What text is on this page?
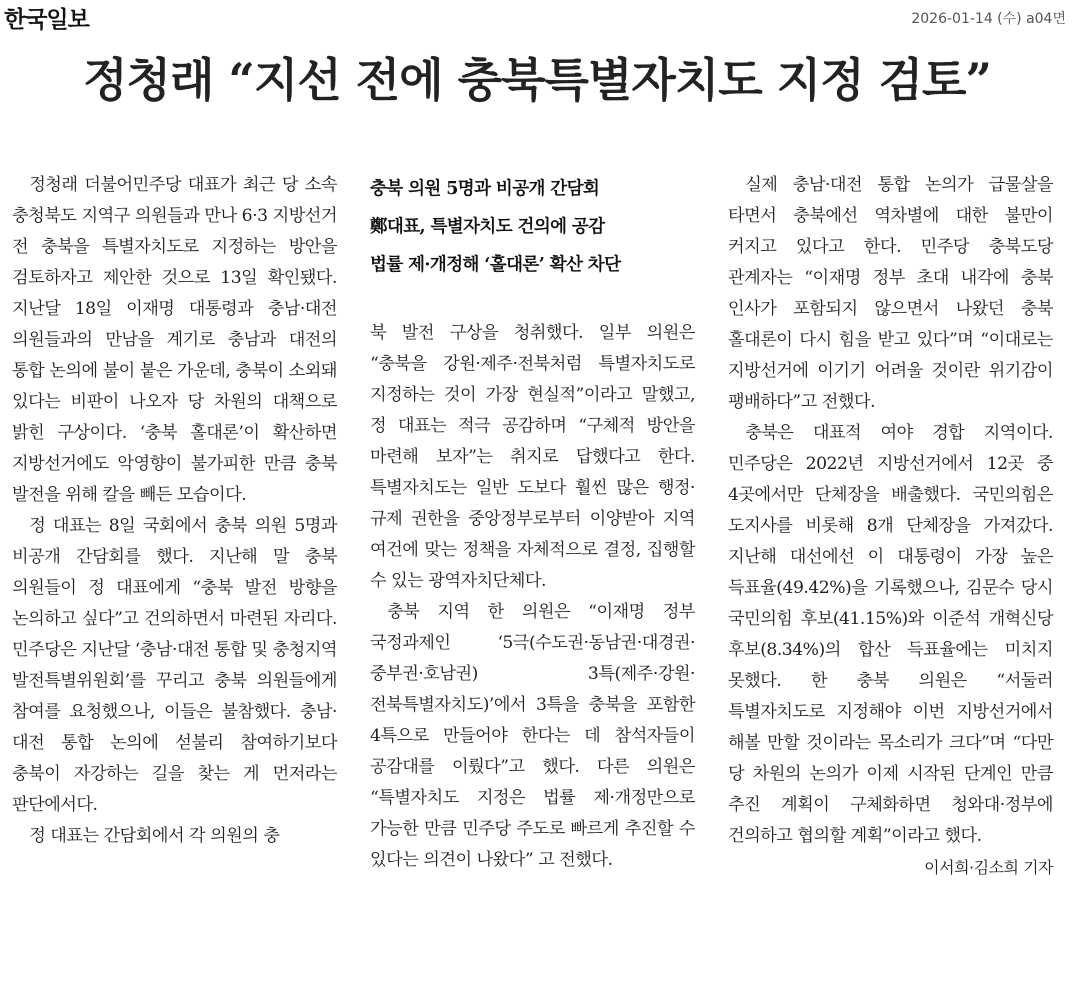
한국일보	2026-01-14 (수) a04면
정청래 “지선 전에 충북특별자치도 지정 검토”

정청래 더불어민주당 대표가 최근 당 소속 충청북도 지역구 의원들과 만나 6·3 지방선거 전 충북을 특별자치도로 지정하는 방안을 검토하자고 제안한 것으로 13일 확인됐다. 지난달 18일 이재명 대통령과 충남·대전 의원들과의 만남을 계기로 충남과 대전의 통합 논의에 불이 붙은 가운데, 충북이 소외돼 있다는 비판이 나오자 당 차원의 대책으로 밝힌 구상이다. ‘충북 홀대론’이 확산하면 지방선거에도 악영향이 불가피한 만큼 충북 발전을 위해 칼을 빼든 모습이다.

정 대표는 8일 국회에서 충북 의원 5명과 비공개 간담회를 했다. 지난해 말 충북 의원들이 정 대표에게 “충북 발전 방향을 논의하고 싶다”고 건의하면서 마련된 자리다. 민주당은 지난달 ‘충남·대전 통합 및 충청지역 발전특별위원회’를 꾸리고 충북 의원들에게 참여를 요청했으나, 이들은 불참했다. 충남·대전 통합 논의에 섣불리 참여하기보다 충북이 자강하는 길을 찾는 게 먼저라는 판단에서다.

정 대표는 간담회에서 각 의원의 충

충북 의원 5명과 비공개 간담회
鄭대표, 특별자치도 건의에 공감
법률 제·개정해 ‘홀대론’ 확산 차단

북 발전 구상을 청취했다. 일부 의원은 “충북을 강원·제주·전북처럼 특별자치도로 지정하는 것이 가장 현실적”이라고 말했고, 정 대표는 적극 공감하며 “구체적 방안을 마련해 보자”는 취지로 답했다고 한다. 특별자치도는 일반 도보다 훨씬 많은 행정·규제 권한을 중앙정부로부터 이양받아 지역 여건에 맞는 정책을 자체적으로 결정, 집행할 수 있는 광역자치단체다.

충북 지역 한 의원은 “이재명 정부 국정과제인 ‘5극(수도권·동남권·대경권·중부권·호남권) 3특(제주·강원·전북특별자치도)’에서 3특을 충북을 포함한 4특으로 만들어야 한다는 데 참석자들이 공감대를 이뤘다”고 했다. 다른 의원은 “특별자치도 지정은 법률 제·개정만으로 가능한 만큼 민주당 주도로 빠르게 추진할 수 있다는 의견이 나왔다” 고 전했다.

실제 충남·대전 통합 논의가 급물살을 타면서 충북에선 역차별에 대한 불만이 커지고 있다고 한다. 민주당 충북도당 관계자는 “이재명 정부 초대 내각에 충북 인사가 포함되지 않으면서 나왔던 충북 홀대론이 다시 힘을 받고 있다”며 “이대로는 지방선거에 이기기 어려울 것이란 위기감이 팽배하다”고 전했다.

충북은 대표적 여야 경합 지역이다. 민주당은 2022년 지방선거에서 12곳 중 4곳에서만 단체장을 배출했다. 국민의힘은 도지사를 비롯해 8개 단체장을 가져갔다. 지난해 대선에선 이 대통령이 가장 높은 득표율(49.42%)을 기록했으나, 김문수 당시 국민의힘 후보(41.15%)와 이준석 개혁신당 후보(8.34%)의 합산 득표율에는 미치지 못했다. 한 충북 의원은 “서둘러 특별자치도로 지정해야 이번 지방선거에서 해볼 만할 것이라는 목소리가 크다”며 “다만 당 차원의 논의가 이제 시작된 단계인 만큼 추진 계획이 구체화하면 청와대·정부에 건의하고 협의할 계획”이라고 했다.
이서희·김소희 기자
